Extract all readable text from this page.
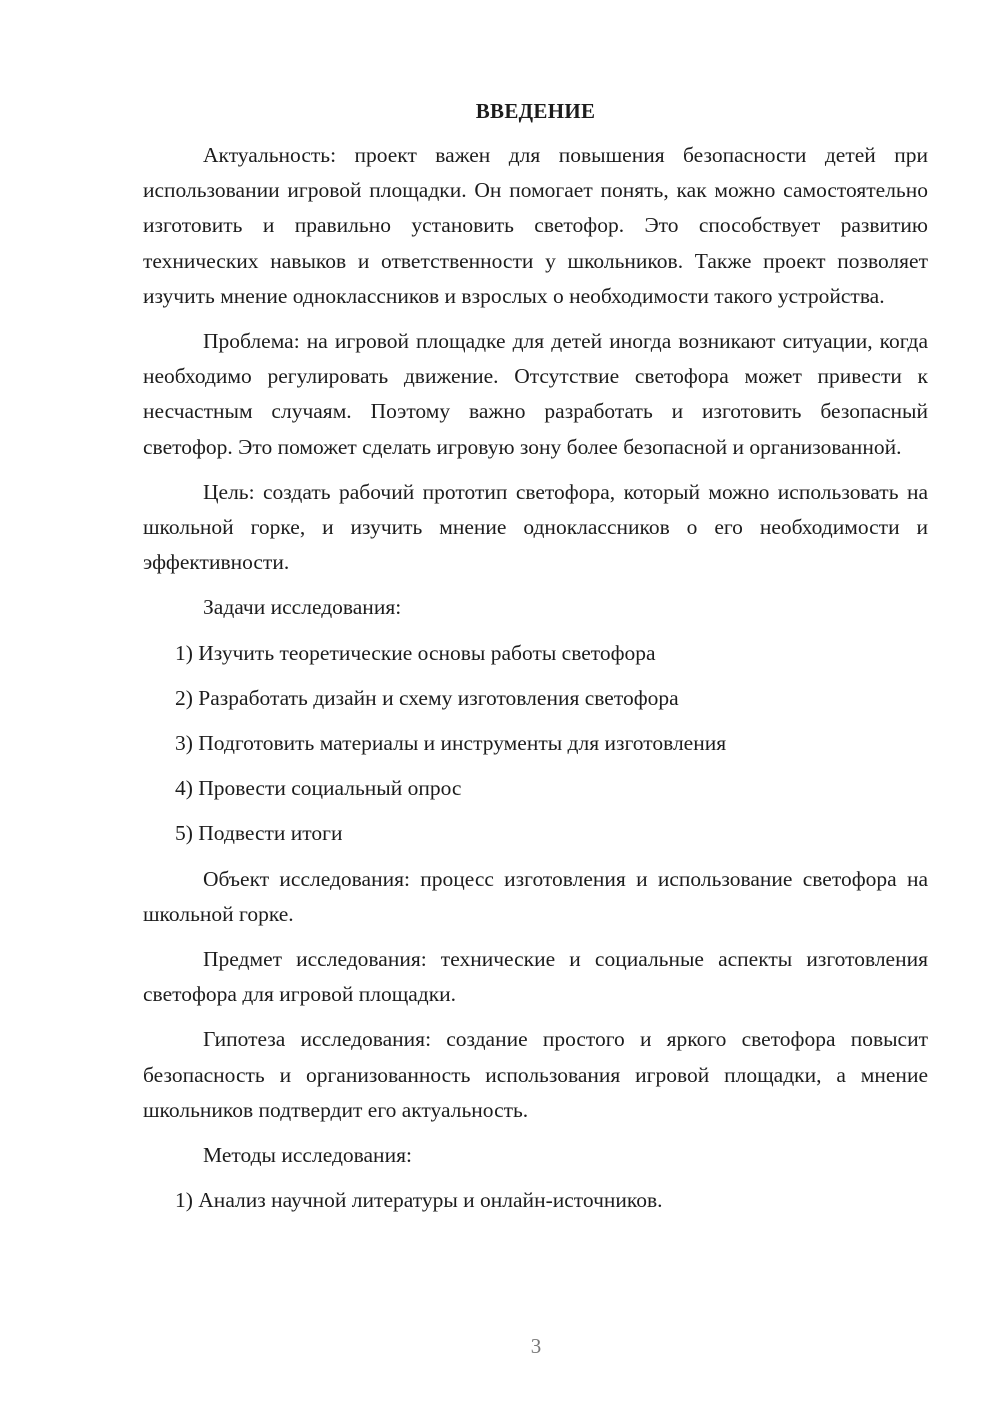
ВВЕДЕНИЕ

Актуальность: проект важен для повышения безопасности детей при использовании игровой площадки. Он помогает понять, как можно самостоятельно изготовить и правильно установить светофор. Это способствует развитию технических навыков и ответственности у школьников. Также проект позволяет изучить мнение одноклассников и взрослых о необходимости такого устройства.

Проблема: на игровой площадке для детей иногда возникают ситуации, когда необходимо регулировать движение. Отсутствие светофора может привести к несчастным случаям. Поэтому важно разработать и изготовить безопасный светофор. Это поможет сделать игровую зону более безопасной и организованной.

Цель: создать рабочий прототип светофора, который можно использовать на школьной горке, и изучить мнение одноклассников о его необходимости и эффективности.

Задачи исследования:

1) Изучить теоретические основы работы светофора
2) Разработать дизайн и схему изготовления светофора
3) Подготовить материалы и инструменты для изготовления
4) Провести социальный опрос
5) Подвести итоги

Объект исследования: процесс изготовления и использование светофора на школьной горке.

Предмет исследования: технические и социальные аспекты изготовления светофора для игровой площадки.

Гипотеза исследования: создание простого и яркого светофора повысит безопасность и организованность использования игровой площадки, а мнение школьников подтвердит его актуальность.

Методы исследования:

1) Анализ научной литературы и онлайн-источников.
3
